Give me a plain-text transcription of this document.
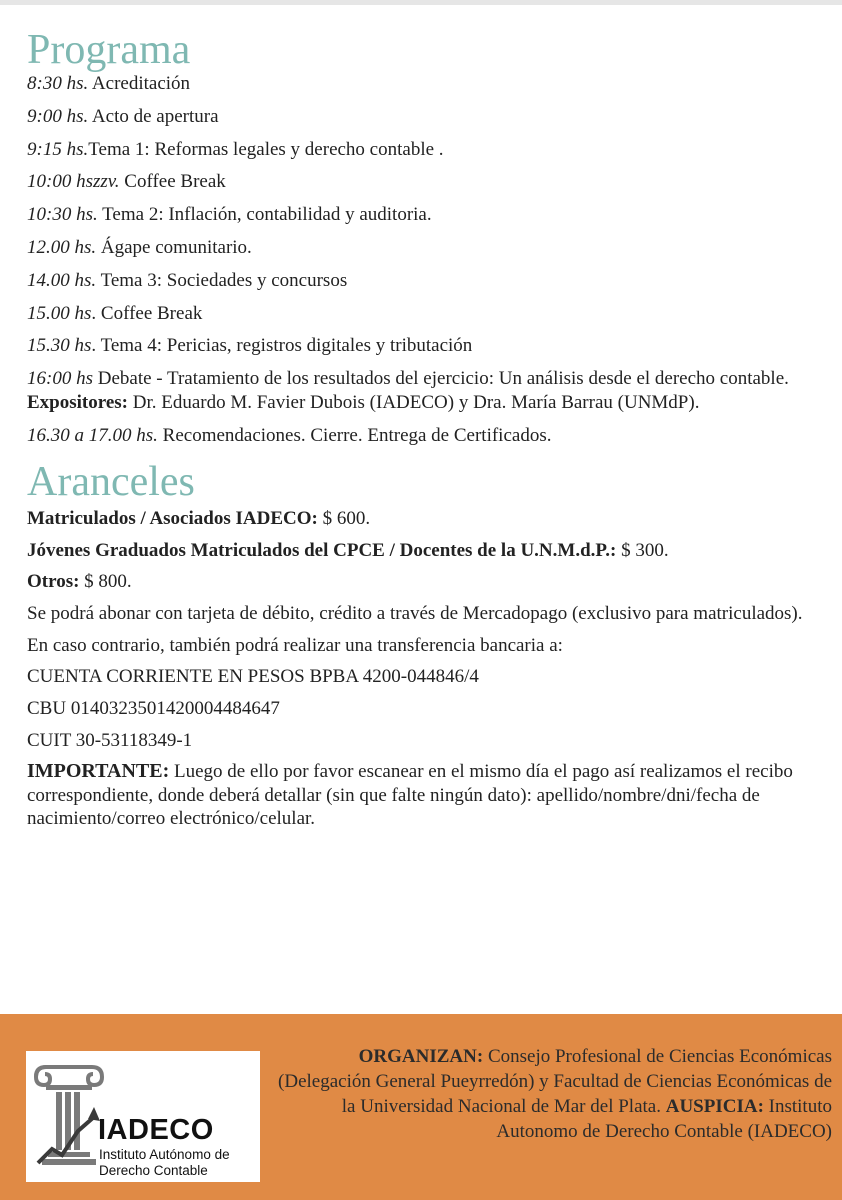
Programa
8:30 hs. Acreditación
9:00 hs. Acto de apertura
9:15 hs.Tema 1: Reformas legales y derecho contable .
10:00 hszzv. Coffee Break
10:30 hs. Tema 2: Inflación, contabilidad y auditoria.
12.00 hs. Ágape comunitario.
14.00 hs. Tema 3: Sociedades y concursos
15.00 hs. Coffee Break
15.30 hs. Tema 4: Pericias, registros digitales y tributación
16:00 hs Debate - Tratamiento de los resultados del ejercicio: Un análisis desde el derecho contable. Expositores: Dr. Eduardo M. Favier Dubois (IADECO) y Dra. María Barrau (UNMdP).
16.30 a 17.00 hs. Recomendaciones. Cierre. Entrega de Certificados.
Aranceles
Matriculados / Asociados IADECO: $ 600.
Jóvenes Graduados Matriculados del CPCE / Docentes de la U.N.M.d.P.: $ 300.
Otros: $ 800.
Se podrá abonar con tarjeta de débito, crédito a través de Mercadopago (exclusivo para matriculados).
En caso contrario, también podrá realizar una transferencia bancaria a:
CUENTA CORRIENTE EN PESOS BPBA 4200-044846/4
CBU 0140323501420004484647
CUIT 30-53118349-1
IMPORTANTE: Luego de ello por favor escanear en el mismo día el pago así realizamos el recibo correspondiente, donde deberá detallar (sin que falte ningún dato): apellido/nombre/dni/fecha de nacimiento/correo electrónico/celular.
IADECO
Instituto Autónomo de Derecho Contable
ORGANIZAN: Consejo Profesional de Ciencias Económicas (Delegación General Pueyrredón) y Facultad de Ciencias Económicas de la Universidad Nacional de Mar del Plata. AUSPICIA: Instituto Autonomo de Derecho Contable (IADECO)
